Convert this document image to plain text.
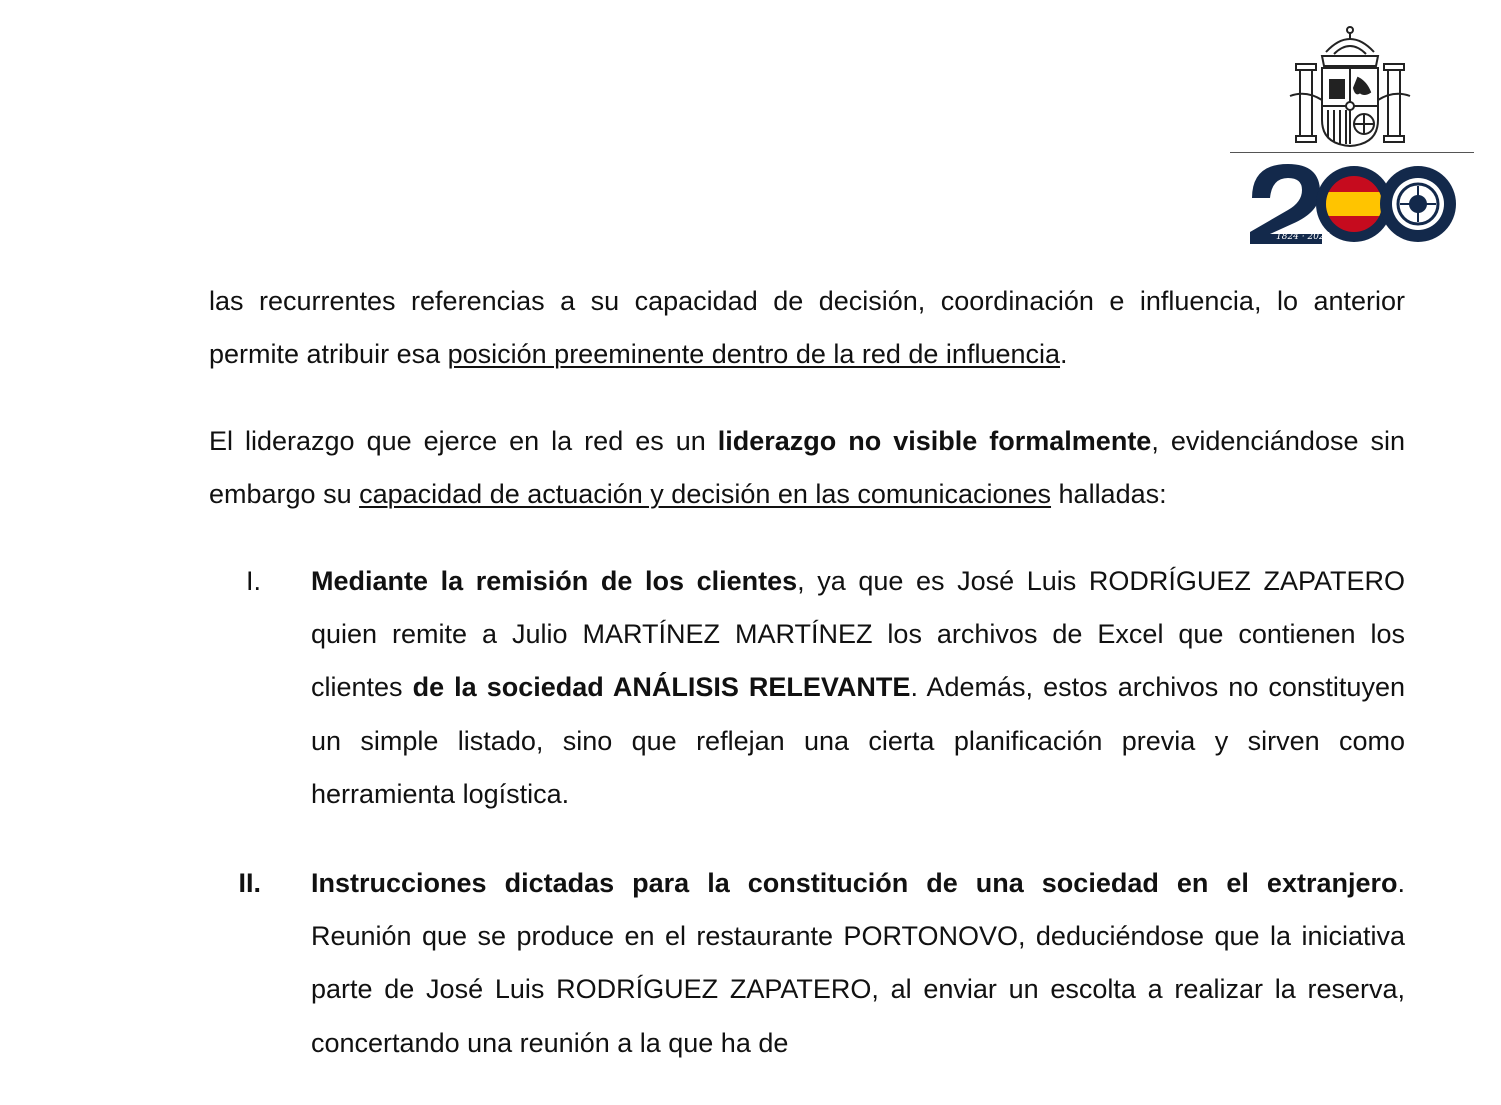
1824 · 2024

las recurrentes referencias a su capacidad de decisión, coordinación e influencia, lo anterior permite atribuir esa posición preeminente dentro de la red de influencia.

El liderazgo que ejerce en la red es un liderazgo no visible formalmente, evidenciándose sin embargo su capacidad de actuación y decisión en las comunicaciones halladas:

I. Mediante la remisión de los clientes, ya que es José Luis RODRÍGUEZ ZAPATERO quien remite a Julio MARTÍNEZ MARTÍNEZ los archivos de Excel que contienen los clientes de la sociedad ANÁLISIS RELEVANTE. Además, estos archivos no constituyen un simple listado, sino que reflejan una cierta planificación previa y sirven como herramienta logística.
II. Instrucciones dictadas para la constitución de una sociedad en el extranjero. Reunión que se produce en el restaurante PORTONOVO, deduciéndose que la iniciativa parte de José Luis RODRÍGUEZ ZAPATERO, al enviar un escolta a realizar la reserva, concertando una reunión a la que ha de
